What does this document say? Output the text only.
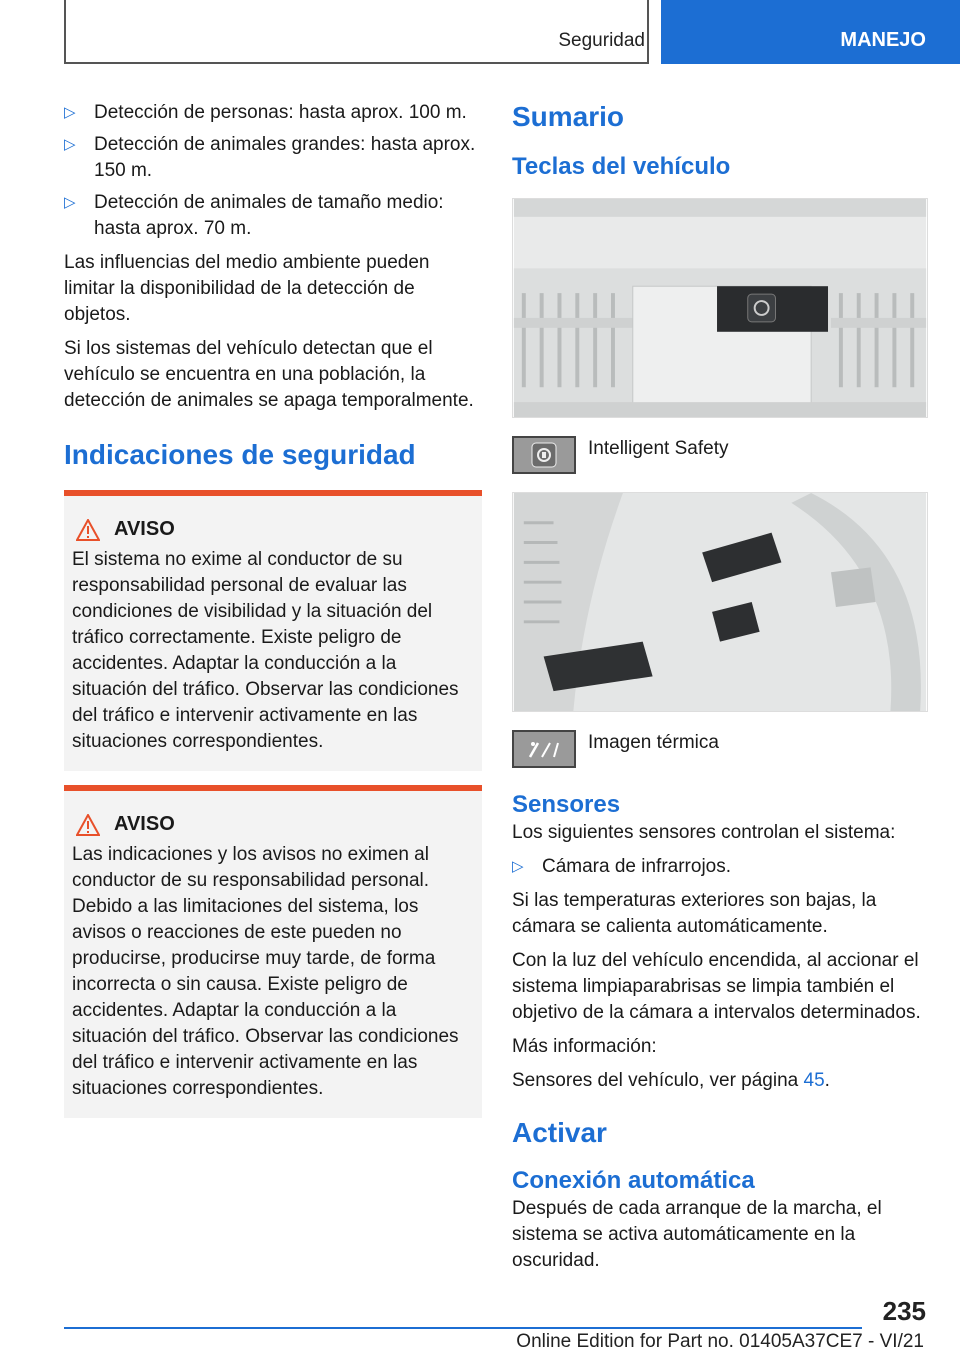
Seguridad	MANEJO
▷ Detección de personas: hasta aprox. 100 m.
▷ Detección de animales grandes: hasta aprox. 150 m.
▷ Detección de animales de tamaño medio: hasta aprox. 70 m.

Las influencias del medio ambiente pueden limitar la disponibilidad de la detección de objetos.

Si los sistemas del vehículo detectan que el vehículo se encuentra en una población, la detección de animales se apaga temporalmente.

Indicaciones de seguridad
AVISO

El sistema no exime al conductor de su responsabilidad personal de evaluar las condiciones de visibilidad y la situación del tráfico correctamente. Existe peligro de accidentes. Adaptar la conducción a la situación del tráfico. Observar las condiciones del tráfico e intervenir activamente en las situaciones correspondientes.

AVISO

Las indicaciones y los avisos no eximen al conductor de su responsabilidad personal. Debido a las limitaciones del sistema, los avisos o reacciones de este pueden no producirse, producirse muy tarde, de forma incorrecta o sin causa. Existe peligro de accidentes. Adaptar la conducción a la situación del tráfico. Observar las condiciones del tráfico e intervenir activamente en las situaciones correspondientes.

Sumario
Teclas del vehículo

Intelligent Safety

Imagen térmica

Sensores

Los siguientes sensores controlan el sistema:

▷ Cámara de infrarrojos.

Si las temperaturas exteriores son bajas, la cámara se calienta automáticamente.

Con la luz del vehículo encendida, al accionar el sistema limpiaparabrisas se limpia también el objetivo de la cámara a intervalos determinados.

Más información:

Sensores del vehículo, ver página 45.

Activar
Conexión automática

Después de cada arranque de la marcha, el sistema se activa automáticamente en la oscuridad.

235
Online Edition for Part no. 01405A37CE7 - VI/21
